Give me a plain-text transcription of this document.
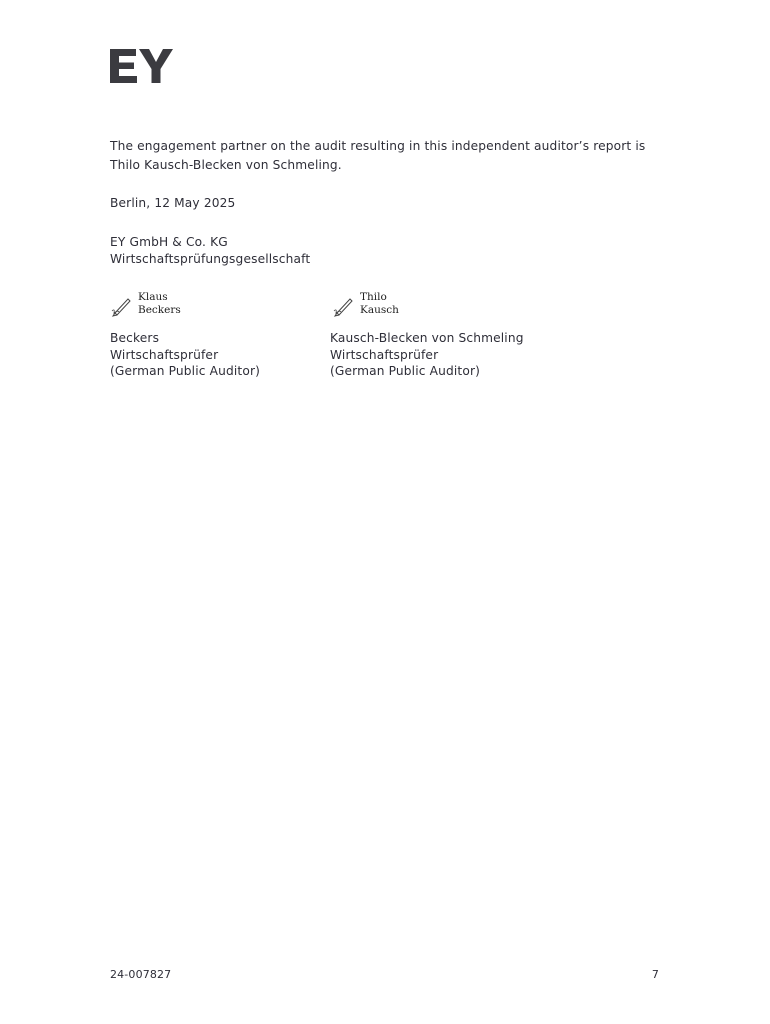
The engagement partner on the audit resulting in this independent auditor’s report is
Thilo Kausch-Blecken von Schmeling.
Berlin, 12 May 2025
EY GmbH & Co. KG
Wirtschaftsprüfungsgesellschaft
Klaus
Beckers
Thilo
Kausch
Beckers
Wirtschaftsprüfer
(German Public Auditor)
Kausch-Blecken von Schmeling
Wirtschaftsprüfer
(German Public Auditor)
24-007827	7
